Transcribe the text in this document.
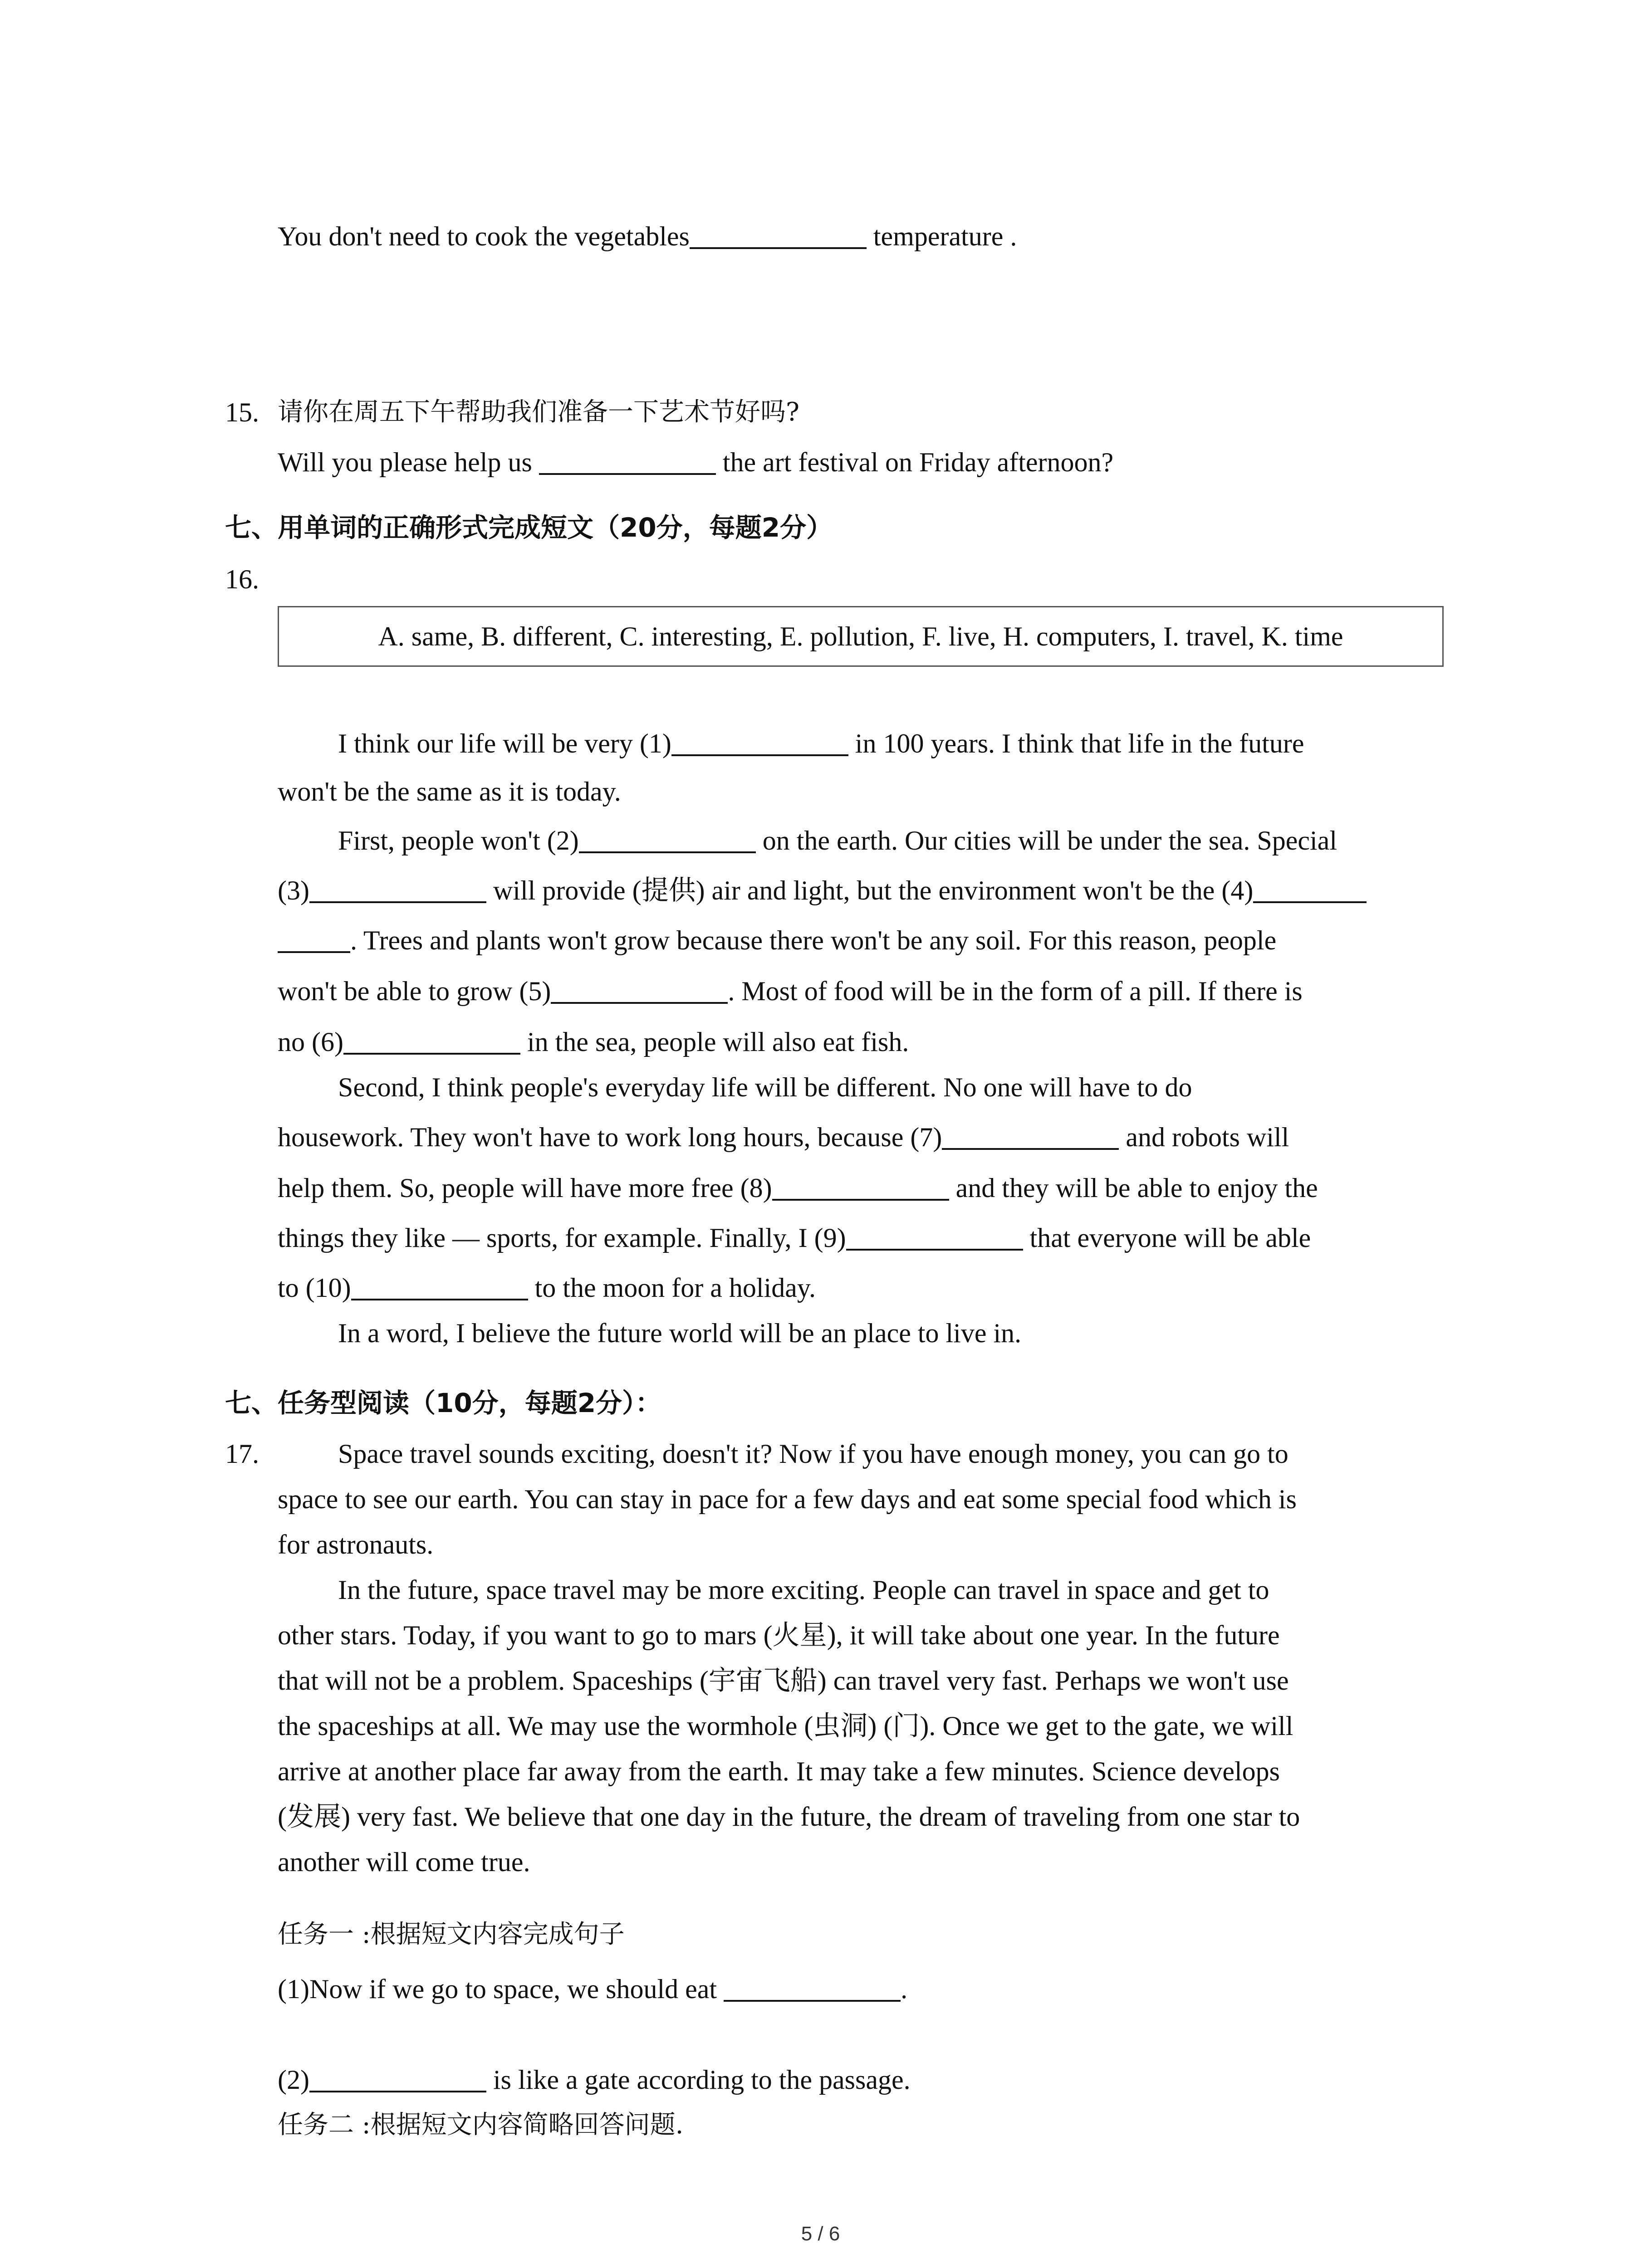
You don't need to cook the vegetables	temperature .
15. 请你在周五下午帮助我们准备一下艺术节好吗?
Will you please help us	the art festival on Friday afternoon?
七、用单词的正确形式完成短文（20分，每题2分）
16.
A. same, B. different, C. interesting, E. pollution, F. live, H. computers, I. travel, K. time
I think our life will be very (1)	in 100 years. I think that life in the future
won't be the same as it is today.
First, people won't (2)	on the earth. Our cities will be under the sea. Special
(3)	will provide (提供) air and light, but the environment won't be the (4)
. Trees and plants won't grow because there won't be any soil. For this reason, people
won't be able to grow (5)	. Most of food will be in the form of a pill. If there is
no (6)	in the sea, people will also eat fish.
Second, I think people's everyday life will be different. No one will have to do
housework. They won't have to work long hours, because (7)	and robots will
help them. So, people will have more free (8)	and they will be able to enjoy the
things they like — sports, for example. Finally, I (9)	that everyone will be able
to (10)	to the moon for a holiday.
In a word, I believe the future world will be an place to live in.
七、任务型阅读（10分，每题2分）：
17.	Space travel sounds exciting, doesn't it? Now if you have enough money, you can go to
space to see our earth. You can stay in pace for a few days and eat some special food which is
for astronauts.
In the future, space travel may be more exciting. People can travel in space and get to
other stars. Today, if you want to go to mars (火星), it will take about one year. In the future
that will not be a problem. Spaceships (宇宙飞船) can travel very fast. Perhaps we won't use
the spaceships at all. We may use the wormhole (虫洞) (门). Once we get to the gate, we will
arrive at another place far away from the earth. It may take a few minutes. Science develops
(发展) very fast. We believe that one day in the future, the dream of traveling from one star to
another will come true.
任务一 :根据短文内容完成句子
(1)Now if we go to space, we should eat	.
(2)	is like a gate according to the passage.
任务二 :根据短文内容简略回答问题.
5 / 6
